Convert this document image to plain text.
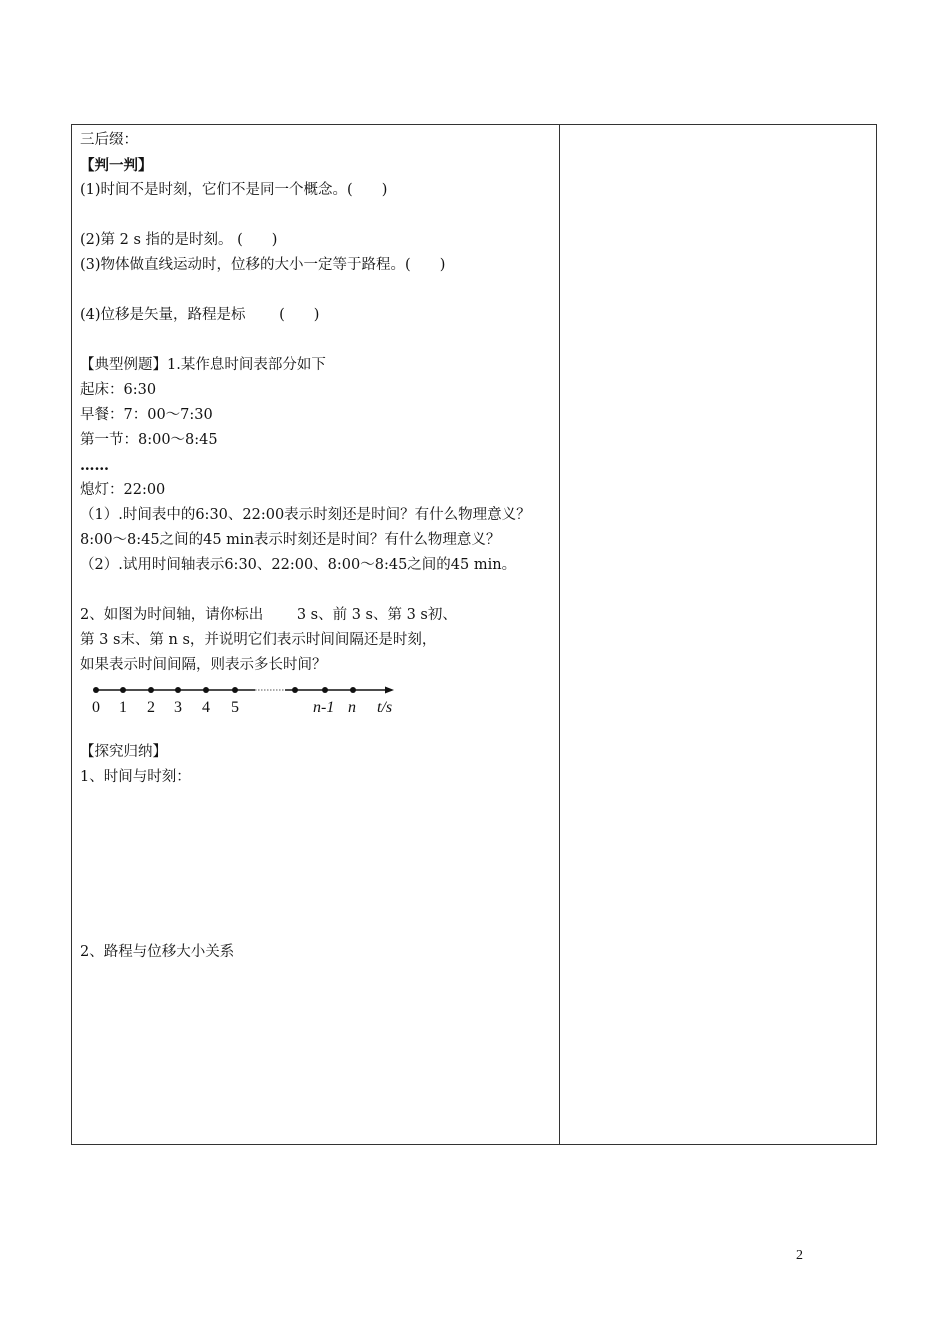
三后缀：
【判一判】
(1)时间不是时刻，它们不是同一个概念。(　　)
(2)第 2 s 指的是时刻。 (　　)
(3)物体做直线运动时，位移的大小一定等于路程。(　　)
(4)位移是矢量，路程是标　　 (　　)
【典型例题】1.某作息时间表部分如下
起床：6:30
早餐：7：00～7:30
第一节：8:00～8:45
……
熄灯：22:00
（1）.时间表中的6:30、22:00表示时刻还是时间？有什么物理意义？8:00～8:45之间的45 min表示时刻还是时间？有什么物理意义？
（2）.试用时间轴表示6:30、22:00、8:00～8:45之间的45 min。
2、如图为时间轴，请你标出　　 3 s、前 3 s、第 3 s初、
第 3 s末、第 n s，并说明它们表示时间间隔还是时刻，
如果表示时间间隔，则表示多长时间？
0 1 2 3 4 5	n-1 n t/s
【探究归纳】
1、时间与时刻：
2、路程与位移大小关系
2
